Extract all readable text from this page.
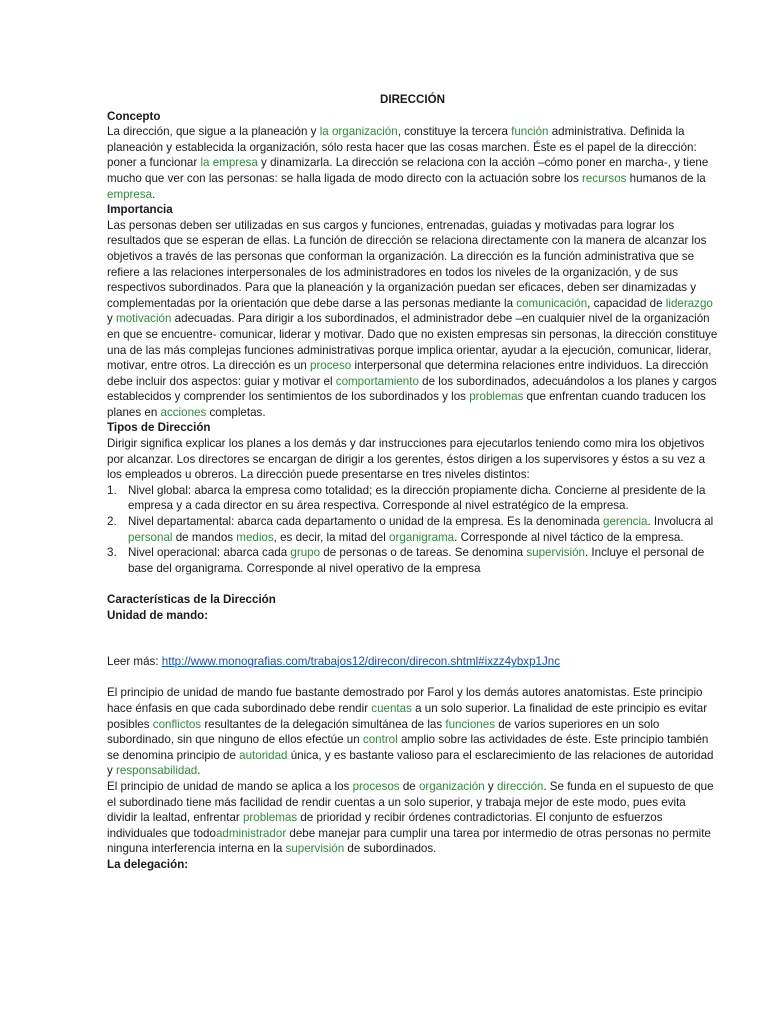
DIRECCIÓN
Concepto

La dirección, que sigue a la planeación y la organización, constituye la tercera función administrativa. Definida la planeación y establecida la organización, sólo resta hacer que las cosas marchen. Éste es el papel de la dirección: poner a funcionar la empresa y dinamizarla. La dirección se relaciona con la acción –cómo poner en marcha-, y tiene mucho que ver con las personas: se halla ligada de modo directo con la actuación sobre los recursos humanos de la empresa.

Importancia

Las personas deben ser utilizadas en sus cargos y funciones, entrenadas, guiadas y motivadas para lograr los resultados que se esperan de ellas. La función de dirección se relaciona directamente con la manera de alcanzar los objetivos a través de las personas que conforman la organización. La dirección es la función administrativa que se refiere a las relaciones interpersonales de los administradores en todos los niveles de la organización, y de sus respectivos subordinados. Para que la planeación y la organización puedan ser eficaces, deben ser dinamizadas y complementadas por la orientación que debe darse a las personas mediante la comunicación, capacidad de liderazgo y motivación adecuadas. Para dirigir a los subordinados, el administrador debe –en cualquier nivel de la organización en que se encuentre- comunicar, liderar y motivar. Dado que no existen empresas sin personas, la dirección constituye una de las más complejas funciones administrativas porque implica orientar, ayudar a la ejecución, comunicar, liderar, motivar, entre otros. La dirección es un proceso interpersonal que determina relaciones entre individuos. La dirección debe incluir dos aspectos: guiar y motivar el comportamiento de los subordinados, adecuándolos a los planes y cargos establecidos y comprender los sentimientos de los subordinados y los problemas que enfrentan cuando traducen los planes en acciones completas.

Tipos de Dirección

Dirigir significa explicar los planes a los demás y dar instrucciones para ejecutarlos teniendo como mira los objetivos por alcanzar. Los directores se encargan de dirigir a los gerentes, éstos dirigen a los supervisores y éstos a su vez a los empleados u obreros. La dirección puede presentarse en tres niveles distintos:

1. Nivel global: abarca la empresa como totalidad; es la dirección propiamente dicha. Concierne al presidente de la empresa y a cada director en su área respectiva. Corresponde al nivel estratégico de la empresa.
2. Nivel departamental: abarca cada departamento o unidad de la empresa. Es la denominada gerencia. Involucra al personal de mandos medios, es decir, la mitad del organigrama. Corresponde al nivel táctico de la empresa.
3. Nivel operacional: abarca cada grupo de personas o de tareas. Se denomina supervisión. Incluye el personal de base del organigrama. Corresponde al nivel operativo de la empresa
Características de la Dirección
Unidad de mando:

Leer más: http://www.monografias.com/trabajos12/direcon/direcon.shtml#ixzz4ybxp1Jnc

El principio de unidad de mando fue bastante demostrado por Farol y los demás autores anatomistas. Este principio hace énfasis en que cada subordinado debe rendir cuentas a un solo superior. La finalidad de este principio es evitar posibles conflictos resultantes de la delegación simultánea de las funciones de varios superiores en un solo subordinado, sin que ninguno de ellos efectúe un control amplio sobre las actividades de éste. Este principio también se denomina principio de autoridad única, y es bastante valioso para el esclarecimiento de las relaciones de autoridad y responsabilidad.

El principio de unidad de mando se aplica a los procesos de organización y dirección. Se funda en el supuesto de que el subordinado tiene más facilidad de rendir cuentas a un solo superior, y trabaja mejor de este modo, pues evita dividir la lealtad, enfrentar problemas de prioridad y recibir órdenes contradictorias. El conjunto de esfuerzos individuales que todoadministrador debe manejar para cumplir una tarea por intermedio de otras personas no permite ninguna interferencia interna en la supervisión de subordinados.

La delegación:
